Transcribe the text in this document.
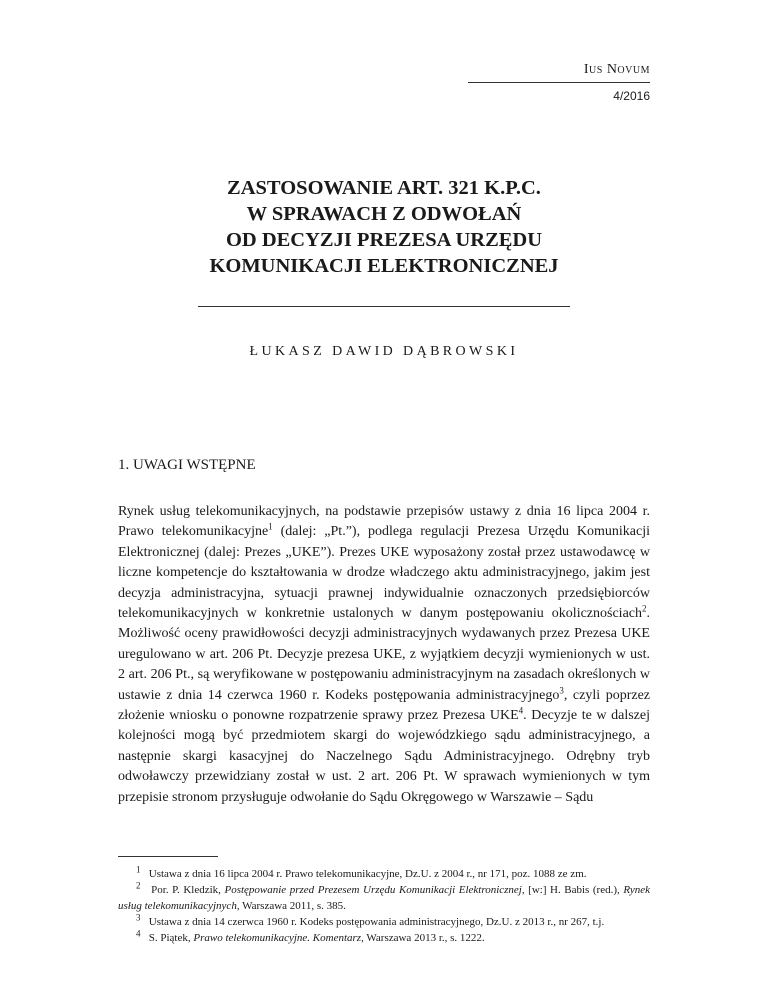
Ius Novum
4/2016
ZASTOSOWANIE ART. 321 K.P.C.
W SPRAWACH Z ODWOŁAŃ
OD DECYZJI PREZESA URZĘDU
KOMUNIKACJI ELEKTRONICZNEJ
ŁUKASZ DAWID DĄBROWSKI
1. UWAGI WSTĘPNE

Rynek usług telekomunikacyjnych, na podstawie przepisów ustawy z dnia 16 lipca 2004 r. Prawo telekomunikacyjne$^1$ (dalej: „Pt.”), podlega regulacji Prezesa Urzędu Komunikacji Elektronicznej (dalej: Prezes „UKE”). Prezes UKE wyposażony został przez ustawodawcę w liczne kompetencje do kształtowania w drodze władczego aktu administracyjnego, jakim jest decyzja administracyjna, sytuacji prawnej indywidualnie oznaczonych przedsiębiorców telekomunikacyjnych w konkretnie ustalonych w danym postępowaniu okolicznościach$^2$. Możliwość oceny prawidłowości decyzji administracyjnych wydawanych przez Prezesa UKE uregulowano w art. 206 Pt. Decyzje prezesa UKE, z wyjątkiem decyzji wymienionych w ust. 2 art. 206 Pt., są weryfikowane w postępowaniu administracyjnym na zasadach określonych w ustawie z dnia 14 czerwca 1960 r. Kodeks postępowania administracyjnego$^3$, czyli poprzez złożenie wniosku o ponowne rozpatrzenie sprawy przez Prezesa UKE$^4$. Decyzje te w dalszej kolejności mogą być przedmiotem skargi do wojewódzkiego sądu administracyjnego, a następnie skargi kasacyjnej do Naczelnego Sądu Administracyjnego. Odrębny tryb odwoławczy przewidziany został w ust. 2 art. 206 Pt. W sprawach wymienionych w tym przepisie stronom przysługuje odwołanie do Sądu Okręgowego w Warszawie – Sądu

$^1$ Ustawa z dnia 16 lipca 2004 r. Prawo telekomunikacyjne, Dz.U. z 2004 r., nr 171, poz. 1088 ze zm.

$^2$ Por. P. Kledzik, Postępowanie przed Prezesem Urzędu Komunikacji Elektronicznej, [w:] H. Babis (red.), Rynek usług telekomunikacyjnych, Warszawa 2011, s. 385.

$^3$ Ustawa z dnia 14 czerwca 1960 r. Kodeks postępowania administracyjnego, Dz.U. z 2013 r., nr 267, t.j.

$^4$ S. Piątek, Prawo telekomunikacyjne. Komentarz, Warszawa 2013 r., s. 1222.
